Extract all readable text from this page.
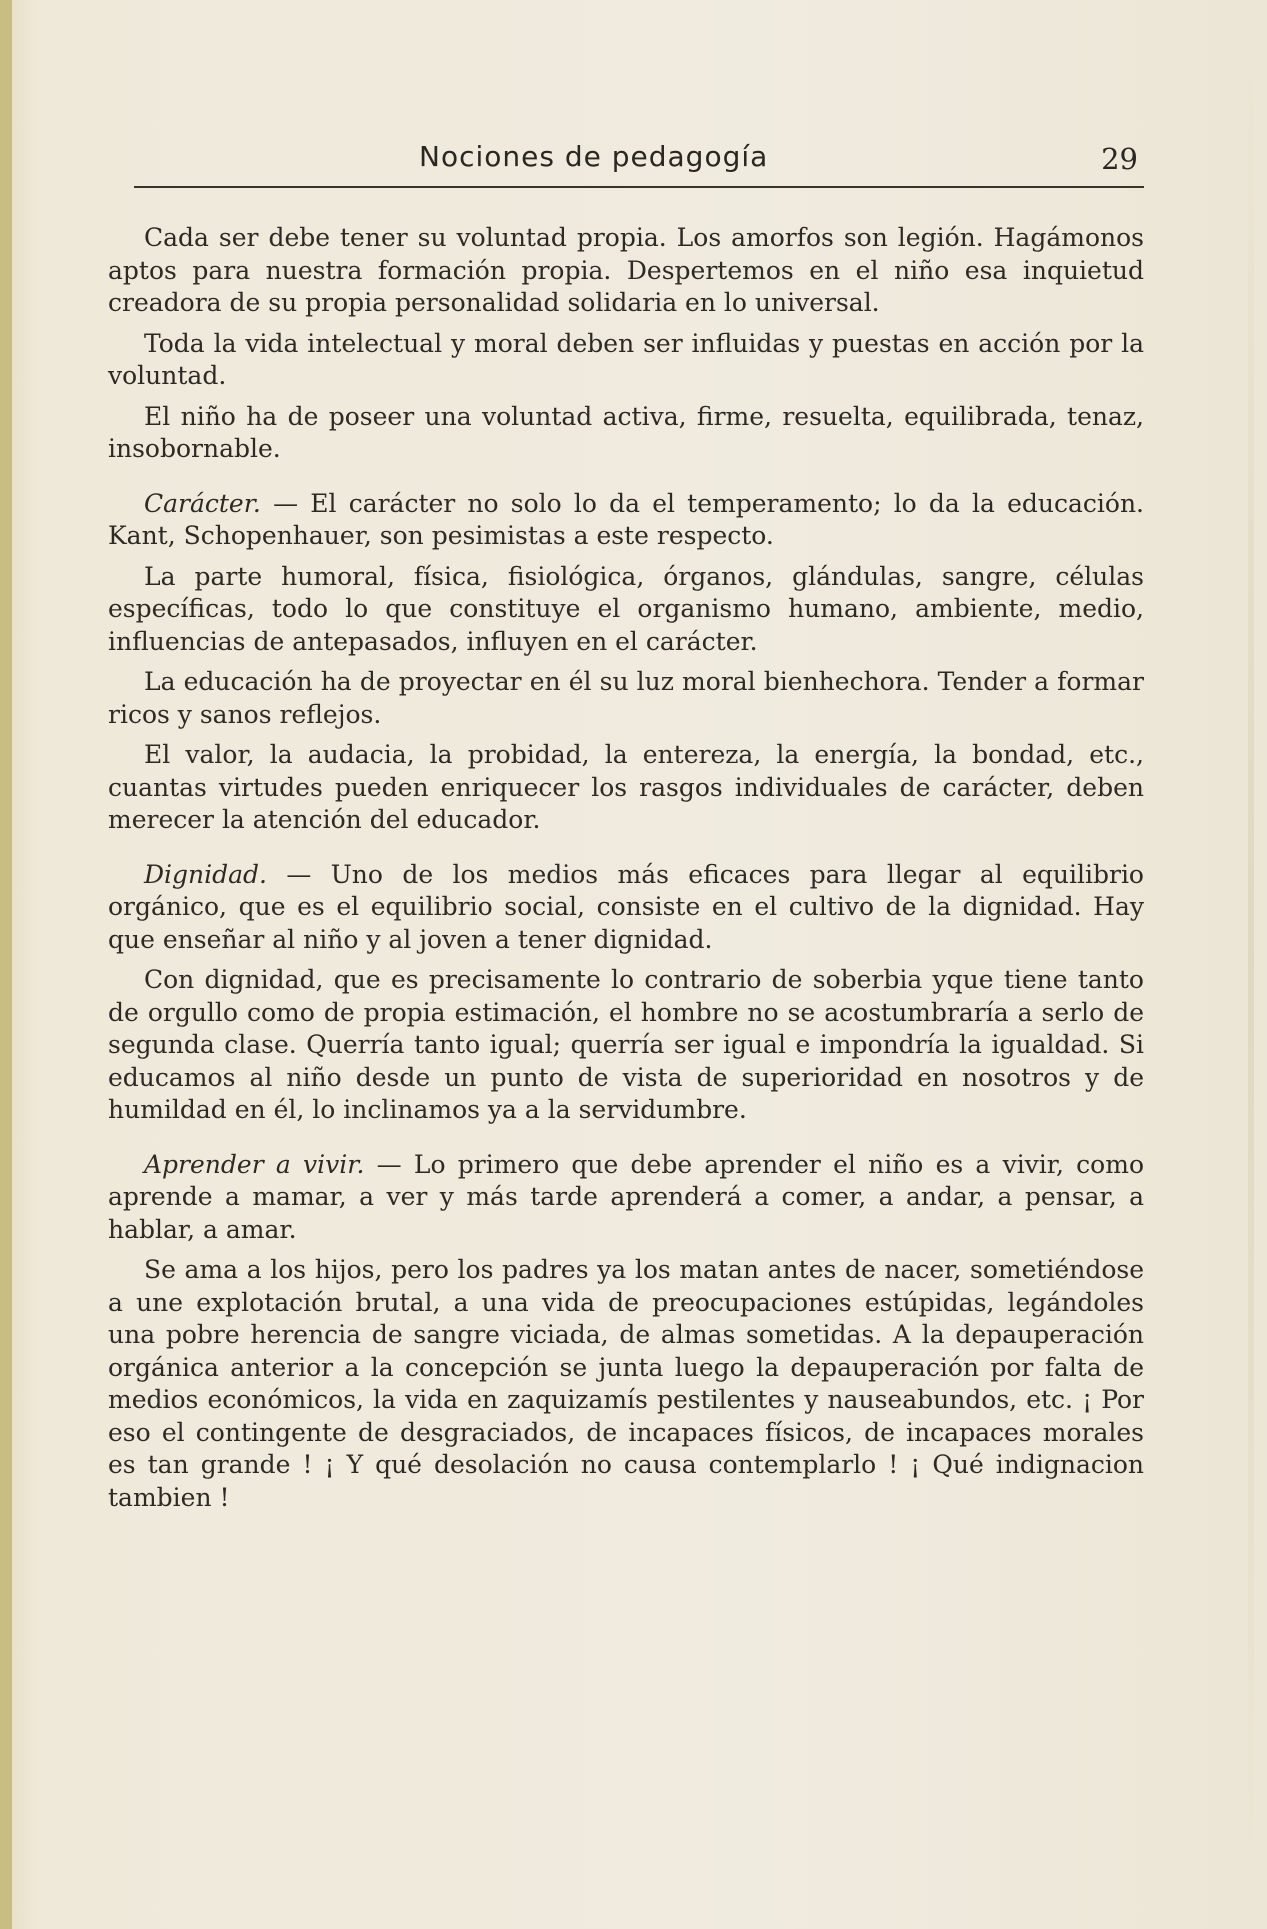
Nociones de pedagogía	29

Cada ser debe tener su voluntad propia. Los amorfos son legión. Hagámonos aptos para nuestra formación propia. Despertemos en el niño esa inquietud creadora de su propia personalidad solidaria en lo universal.

Toda la vida intelectual y moral deben ser influidas y puestas en acción por la voluntad.

El niño ha de poseer una voluntad activa, firme, resuelta, equilibrada, tenaz, insobornable.

Carácter. — El carácter no solo lo da el temperamento; lo da la educación. Kant, Schopenhauer, son pesimistas a este respecto.

La parte humoral, física, fisiológica, órganos, glándulas, sangre, células específicas, todo lo que constituye el organismo humano, ambiente, medio, influencias de antepasados, influyen en el carácter.

La educación ha de proyectar en él su luz moral bienhechora. Tender a formar ricos y sanos reflejos.

El valor, la audacia, la probidad, la entereza, la energía, la bondad, etc., cuantas virtudes pueden enriquecer los rasgos individuales de carácter, deben merecer la atención del educador.

Dignidad. — Uno de los medios más eficaces para llegar al equilibrio orgánico, que es el equilibrio social, consiste en el cultivo de la dignidad. Hay que enseñar al niño y al joven a tener dignidad.

Con dignidad, que es precisamente lo contrario de soberbia yque tiene tanto de orgullo como de propia estimación, el hombre no se acostumbraría a serlo de segunda clase. Querría tanto igual; querría ser igual e impondría la igualdad. Si educamos al niño desde un punto de vista de superioridad en nosotros y de humildad en él, lo inclinamos ya a la servidumbre.

Aprender a vivir. — Lo primero que debe aprender el niño es a vivir, como aprende a mamar, a ver y más tarde aprenderá a comer, a andar, a pensar, a hablar, a amar.

Se ama a los hijos, pero los padres ya los matan antes de nacer, sometiéndose a une explotación brutal, a una vida de preocupaciones estúpidas, legándoles una pobre herencia de sangre viciada, de almas sometidas. A la depauperación orgánica anterior a la concepción se junta luego la depauperación por falta de medios económicos, la vida en zaquizamís pestilentes y nauseabundos, etc. ¡ Por eso el contingente de desgraciados, de incapaces físicos, de incapaces morales es tan grande ! ¡ Y qué desolación no causa contemplarlo ! ¡ Qué indignacion tambien !
